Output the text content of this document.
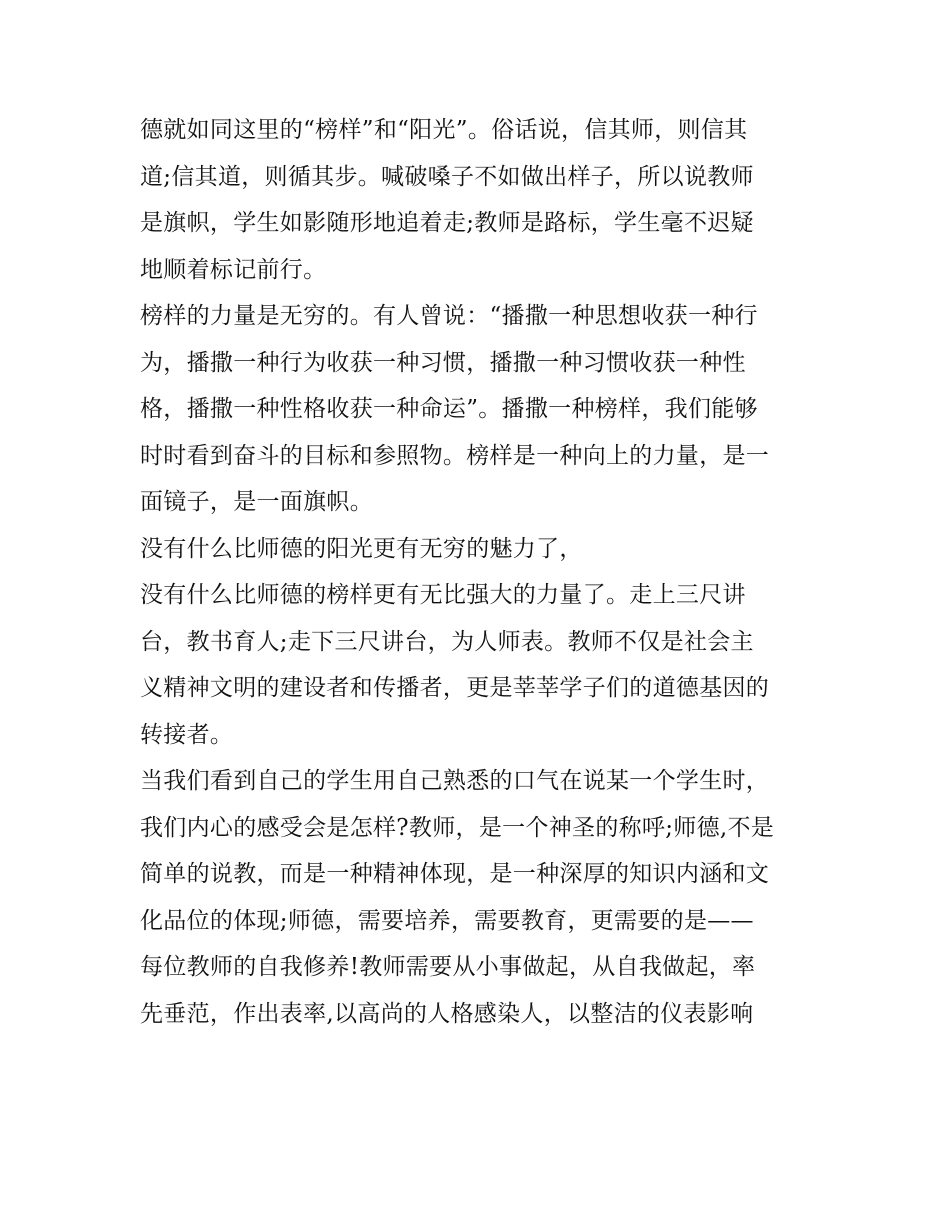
德就如同这里的“榜样”和“阳光”。俗话说，信其师，则信其
道;信其道，则循其步。喊破嗓子不如做出样子，所以说教师
是旗帜，学生如影随形地追着走;教师是路标，学生毫不迟疑
地顺着标记前行。
榜样的力量是无穷的。有人曾说：“播撒一种思想收获一种行
为，播撒一种行为收获一种习惯，播撒一种习惯收获一种性
格，播撒一种性格收获一种命运”。播撒一种榜样，我们能够
时时看到奋斗的目标和参照物。榜样是一种向上的力量，是一
面镜子，是一面旗帜。
没有什么比师德的阳光更有无穷的魅力了，
没有什么比师德的榜样更有无比强大的力量了。走上三尺讲
台，教书育人;走下三尺讲台，为人师表。教师不仅是社会主
义精神文明的建设者和传播者，更是莘莘学子们的道德基因的
转接者。
当我们看到自己的学生用自己熟悉的口气在说某一个学生时，
我们内心的感受会是怎样?教师，是一个神圣的称呼;师德,不是
简单的说教，而是一种精神体现，是一种深厚的知识内涵和文
化品位的体现;师德，需要培养，需要教育，更需要的是——
每位教师的自我修养!教师需要从小事做起，从自我做起，率
先垂范，作出表率,以高尚的人格感染人，以整洁的仪表影响
